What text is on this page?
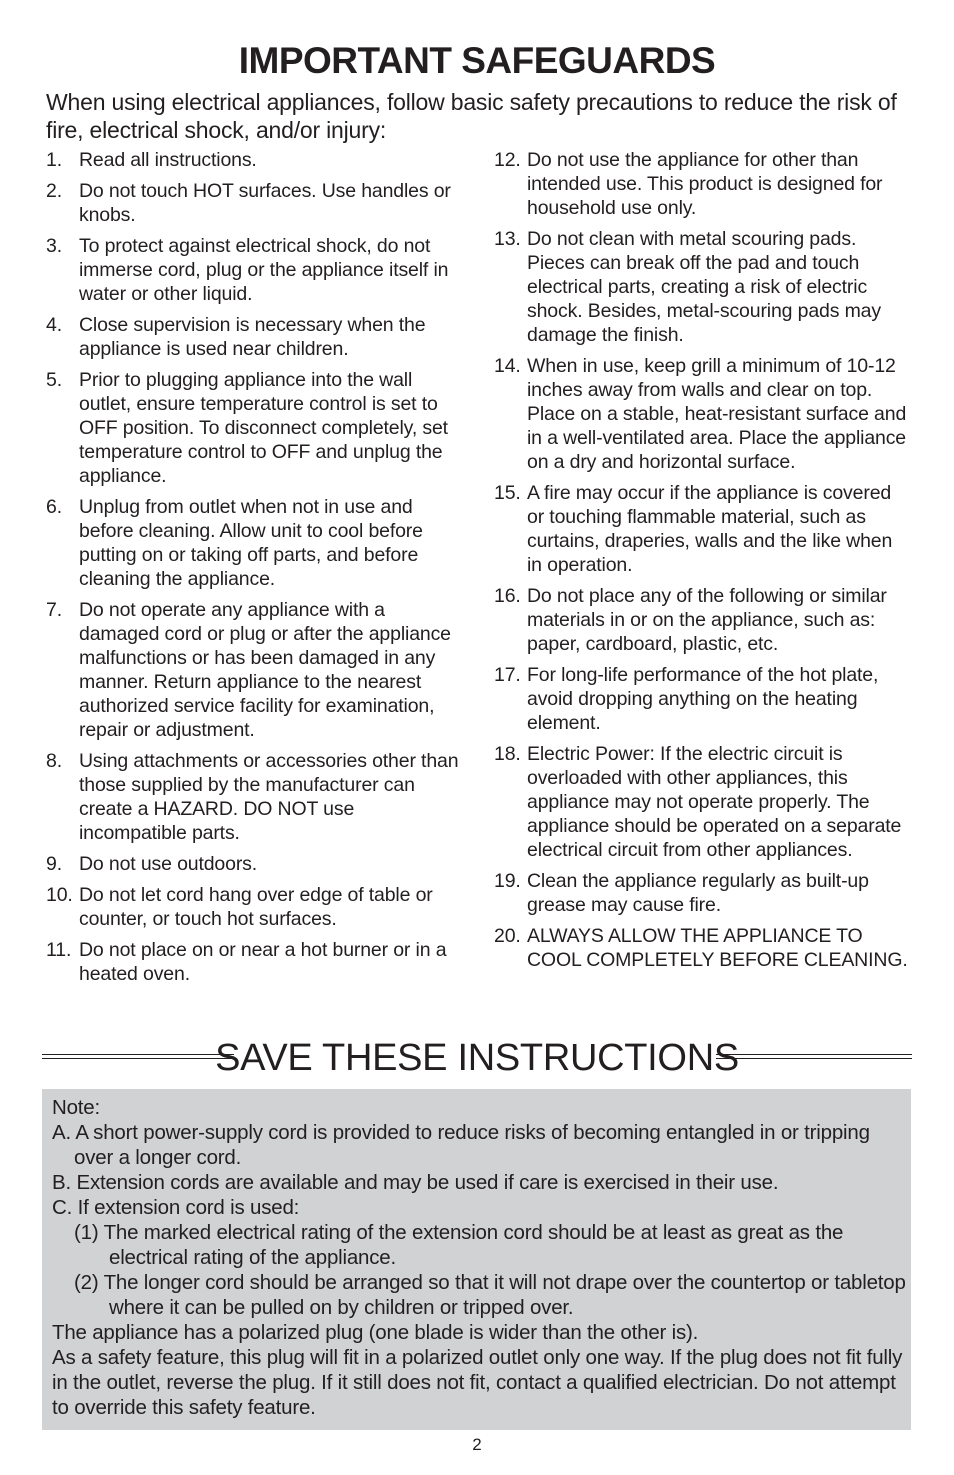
IMPORTANT SAFEGUARDS

When using electrical appliances, follow basic safety precautions to reduce the risk of fire, electrical shock, and/or injury:

1. Read all instructions.
2. Do not touch HOT surfaces. Use handles or knobs.
3. To protect against electrical shock, do not immerse cord, plug or the appliance itself in water or other liquid.
4. Close supervision is necessary when the appliance is used near children.
5. Prior to plugging appliance into the wall outlet, ensure temperature control is set to OFF position. To disconnect completely, set temperature control to OFF and unplug the appliance.
6. Unplug from outlet when not in use and before cleaning. Allow unit to cool before putting on or taking off parts, and before cleaning the appliance.
7. Do not operate any appliance with a damaged cord or plug or after the appliance malfunctions or has been damaged in any manner. Return appliance to the nearest authorized service facility for examination, repair or adjustment.
8. Using attachments or accessories other than those supplied by the manufacturer can create a HAZARD. DO NOT use incompatible parts.
9. Do not use outdoors.
10. Do not let cord hang over edge of table or counter, or touch hot surfaces.
11. Do not place on or near a hot burner or in a heated oven.
12. Do not use the appliance for other than intended use. This product is designed for household use only.
13. Do not clean with metal scouring pads. Pieces can break off the pad and touch electrical parts, creating a risk of electric shock. Besides, metal-scouring pads may damage the finish.
14. When in use, keep grill a minimum of 10-12 inches away from walls and clear on top. Place on a stable, heat-resistant surface and in a well-ventilated area. Place the appliance on a dry and horizontal surface.
15. A fire may occur if the appliance is covered or touching flammable material, such as curtains, draperies, walls and the like when in operation.
16. Do not place any of the following or similar materials in or on the appliance, such as: paper, cardboard, plastic, etc.
17. For long-life performance of the hot plate, avoid dropping anything on the heating element.
18. Electric Power: If the electric circuit is overloaded with other appliances, this appliance may not operate properly. The appliance should be operated on a separate electrical circuit from other appliances.
19. Clean the appliance regularly as built-up grease may cause fire.
20. ALWAYS ALLOW THE APPLIANCE TO COOL COMPLETELY BEFORE CLEANING.
SAVE THESE INSTRUCTIONS

Note:

A. A short power-supply cord is provided to reduce risks of becoming entangled in or tripping over a longer cord.

B. Extension cords are available and may be used if care is exercised in their use.

C. If extension cord is used:

(1) The marked electrical rating of the extension cord should be at least as great as the electrical rating of the appliance.

(2) The longer cord should be arranged so that it will not drape over the countertop or tabletop where it can be pulled on by children or tripped over.

The appliance has a polarized plug (one blade is wider than the other is).

As a safety feature, this plug will fit in a polarized outlet only one way. If the plug does not fit fully in the outlet, reverse the plug. If it still does not fit, contact a qualified electrician. Do not attempt to override this safety feature.

2
